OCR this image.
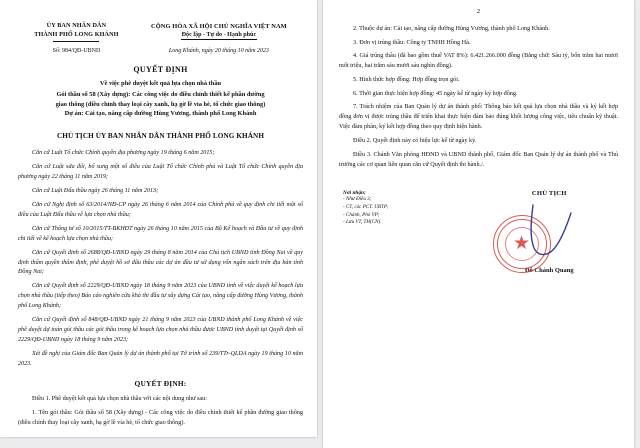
ỦY BAN NHÂN DÂN
THÀNH PHỐ LONG KHÁNH
CỘNG HÒA XÃ HỘI CHỦ NGHĨA VIỆT NAM
Độc lập - Tự do - Hạnh phúc
Số: 984/QĐ-UBND	Long Khánh, ngày 20 tháng 10 năm 2023
QUYẾT ĐỊNH
Về việc phê duyệt kết quả lựa chọn nhà thầu
Gói thầu số 58 (Xây dựng): Các công việc do điều chỉnh thiết kế phần đường
giao thông (điều chỉnh thay loại cây xanh, hạ gờ lề vỉa hè, tổ chức giao thông)
Dự án: Cải tạo, nâng cấp đường Hùng Vương, thành phố Long Khánh
CHỦ TỊCH ỦY BAN NHÂN DÂN THÀNH PHỐ LONG KHÁNH

Căn cứ Luật Tổ chức Chính quyền địa phương ngày 19 tháng 6 năm 2015;

Căn cứ Luật sửa đổi, bổ sung một số điều của Luật Tổ chức Chính phủ và Luật Tổ chức Chính quyền địa phương ngày 22 tháng 11 năm 2019;

Căn cứ Luật Đấu thầu ngày 26 tháng 11 năm 2013;

Căn cứ Nghị định số 63/2014/NĐ-CP ngày 26 tháng 6 năm 2014 của Chính phủ về quy định chi tiết một số điều của Luật Đấu thầu về lựa chọn nhà thầu;

Căn cứ Thông tư số 10/2015/TT-BKHĐT ngày 26 tháng 10 năm 2015 của Bộ Kế hoạch và Đầu tư về quy định chi tiết về kế hoạch lựa chọn nhà thầu;

Căn cứ Quyết định số 2688/QĐ-UBND ngày 29 tháng 8 năm 2014 của Chủ tịch UBND tỉnh Đồng Nai về quy định thẩm quyền thẩm định, phê duyệt hồ sơ đấu thầu các dự án đầu tư sử dụng vốn ngân sách trên địa bàn tỉnh Đồng Nai;

Căn cứ Quyết định số 2229/QĐ-UBND ngày 18 tháng 9 năm 2023 của UBND tỉnh về việc duyệt kế hoạch lựa chọn nhà thầu (tiếp theo) Báo cáo nghiên cứu khả thi đầu tư xây dựng Cải tạo, nâng cấp đường Hùng Vương, thành phố Long Khánh;

Căn cứ Quyết định số 848/QĐ-UBND ngày 21 tháng 9 năm 2023 của UBND thành phố Long Khánh về việc phê duyệt dự toán gói thầu các gói thầu trong kế hoạch lựa chọn nhà thầu được UBND tỉnh duyệt tại Quyết định số 2229/QĐ-UBND ngày 18 tháng 9 năm 2023;

Xét đề nghị của Giám đốc Ban Quản lý dự án thành phố tại Tờ trình số 239/TTr-QLDA ngày 19 tháng 10 năm 2023.

QUYẾT ĐỊNH:

Điều 1. Phê duyệt kết quả lựa chọn nhà thầu với các nội dung như sau:

1. Tên gói thầu: Gói thầu số 58 (Xây dựng) - Các công việc do điều chỉnh thiết kế phần đường giao thông (điều chỉnh thay loại cây xanh, hạ gờ lề vỉa hè, tổ chức giao thông).

2

2. Thuộc dự án: Cải tạo, nâng cấp đường Hùng Vương, thành phố Long Khánh.

3. Đơn vị trúng thầu: Công ty TNHH Hồng Hà.

4. Giá trúng thầu (đã bao gồm thuế VAT 8%): 6.421.266.000 đồng (Bằng chữ: Sáu tỷ, bốn trăm hai mươi mốt triệu, hai trăm sáu mươi sáu nghìn đồng).

5. Hình thức hợp đồng: Hợp đồng trọn gói.

6. Thời gian thực hiện hợp đồng: 45 ngày kể từ ngày ký hợp đồng.

7. Trách nhiệm của Ban Quản lý dự án thành phố: Thông báo kết quả lựa chọn nhà thầu và ký kết hợp đồng đơn vị được trúng thầu để triển khai thực hiện đảm bảo đúng khối lượng công việc, tiêu chuẩn kỹ thuật. Việc đàm phán, ký kết hợp đồng theo quy định hiện hành.

Điều 2. Quyết định này có hiệu lực kể từ ngày ký.

Điều 3. Chánh Văn phòng HĐND và UBND thành phố, Giám đốc Ban Quản lý dự án thành phố và Thủ trưởng các cơ quan liên quan căn cứ Quyết định thi hành./.

Nơi nhận:
- Như Điều 3;
- CT, các PCT. UBTP;
- Chánh, Phó VP;
- Lưu VT, TH(CN).
CHỦ TỊCH
★
Đỗ Chánh Quang
